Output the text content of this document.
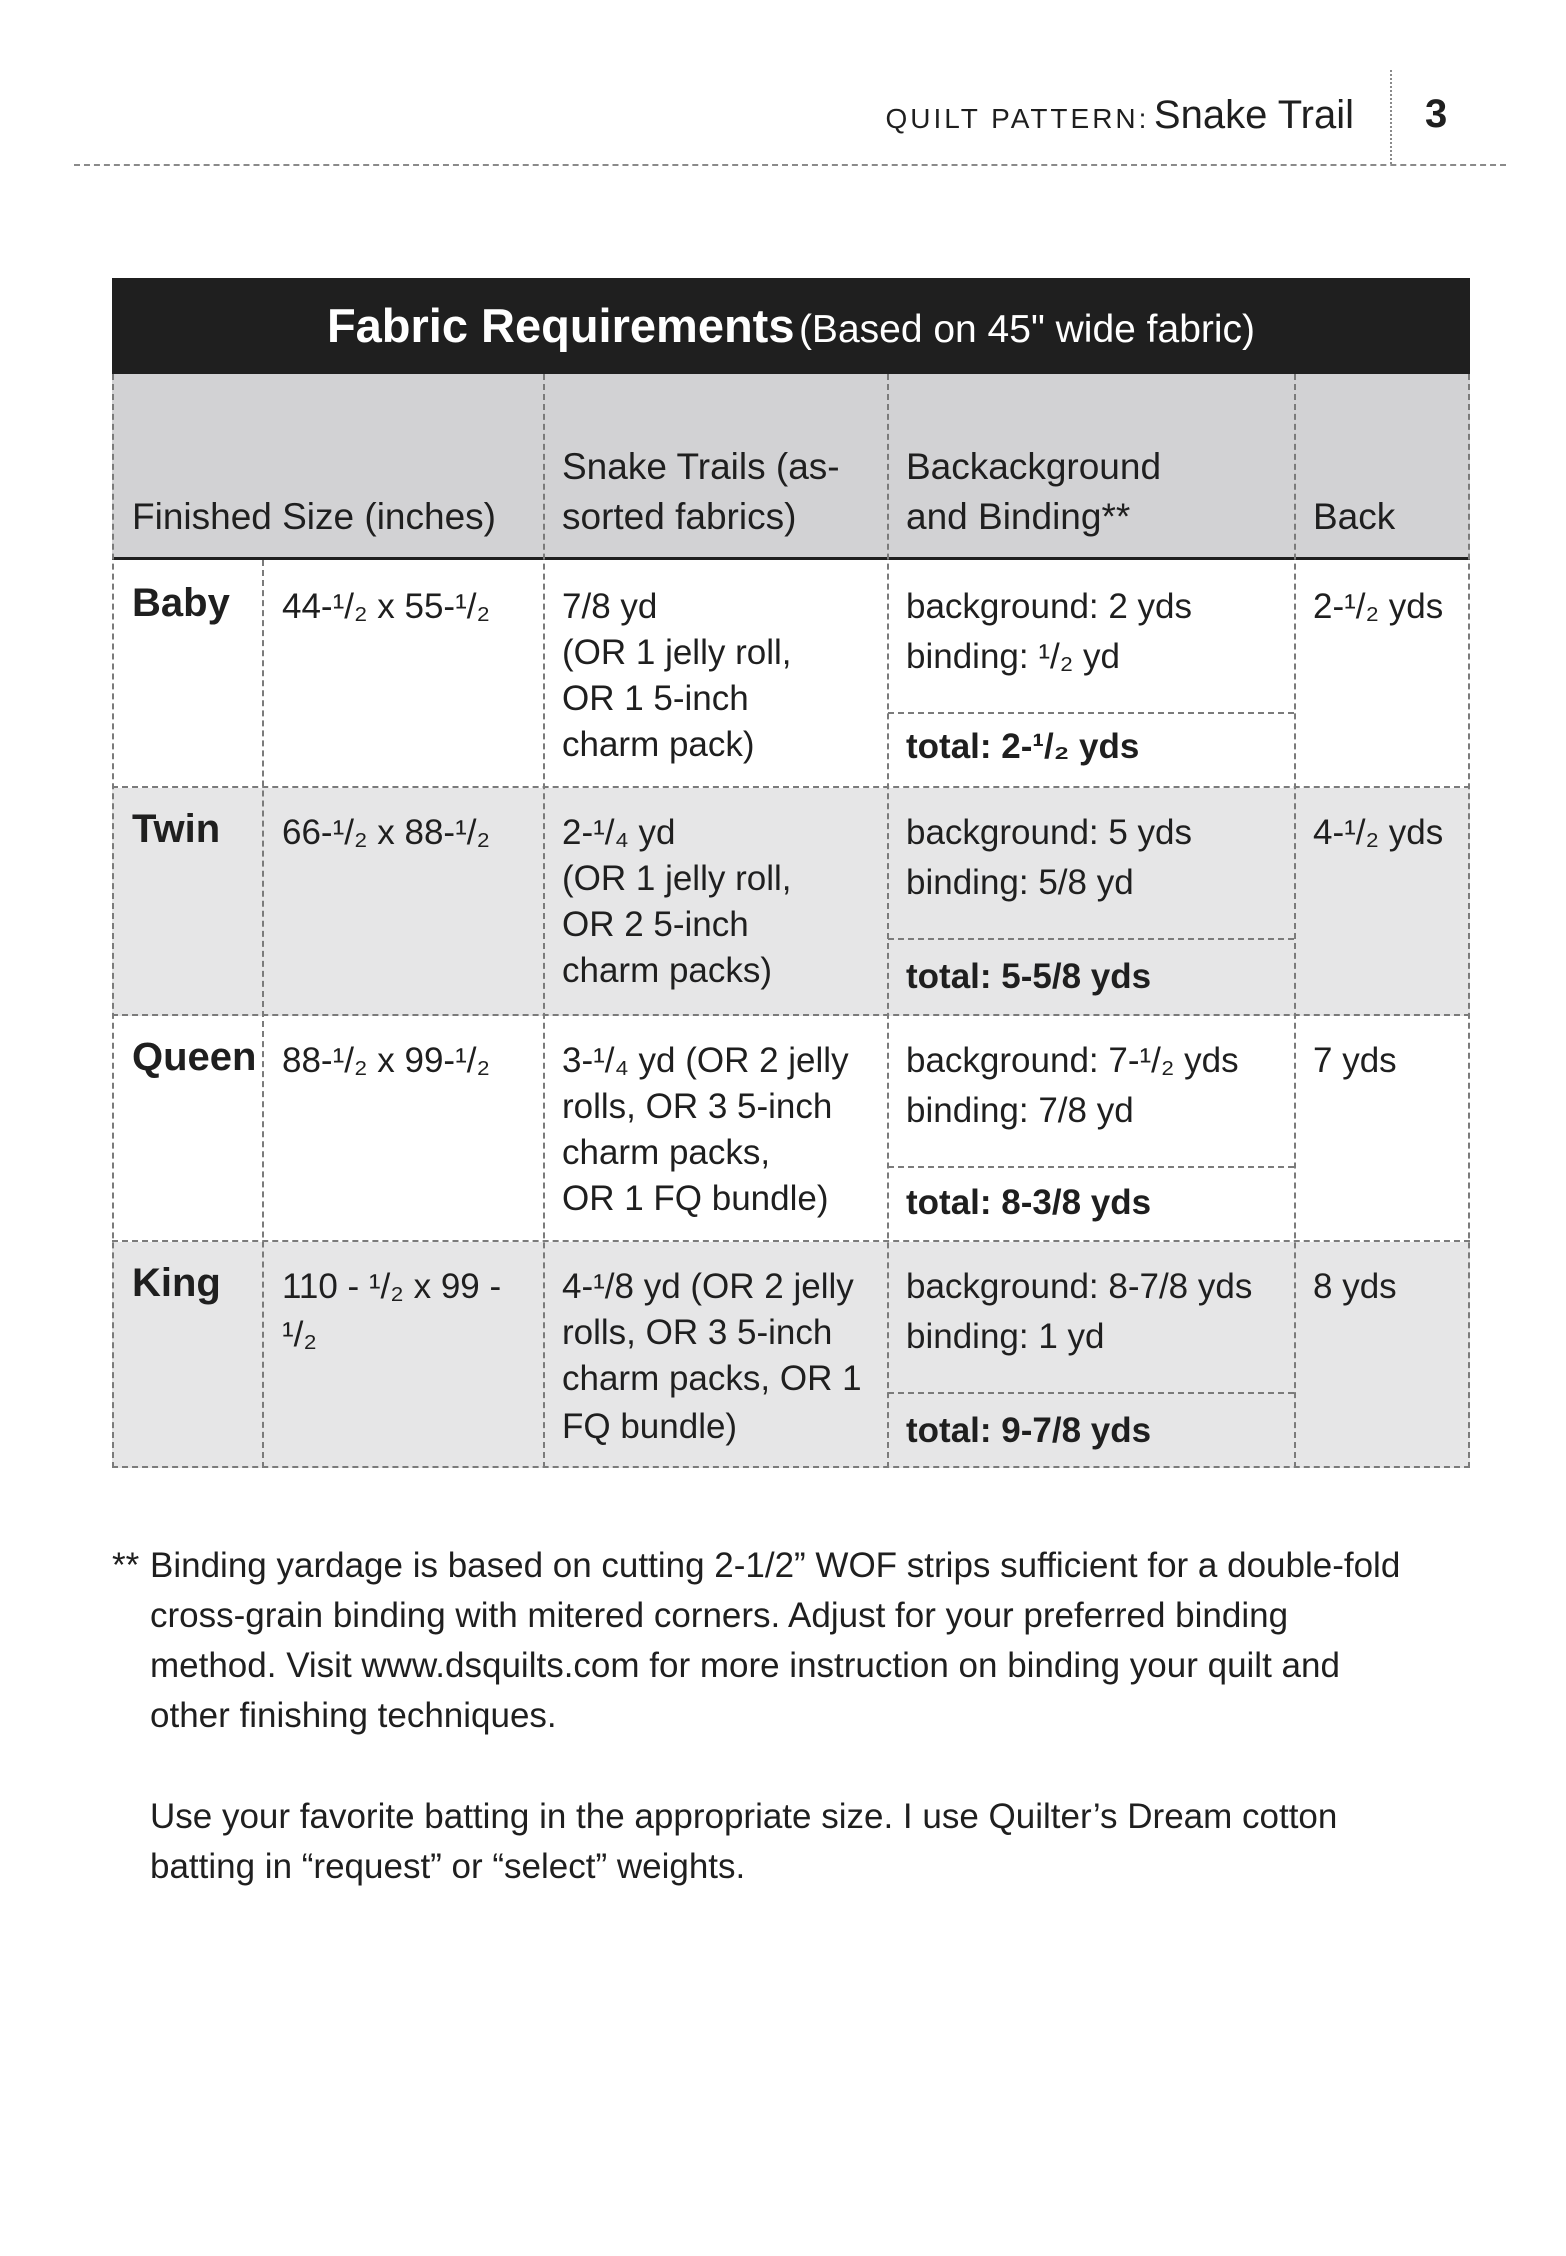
QUILT PATTERN: Snake Trail 3
Fabric Requirements (Based on 45" wide fabric)
Finished Size (inches)
Snake Trails (as-
sorted fabrics)
Backackground
and Binding**	Back
Baby 44-¹/₂ x 55-¹/₂ 7/8 yd
(OR 1 jelly roll,
OR 1 5-inch
charm pack)
background: 2 yds
binding: ¹/₂ yd
total: 2-¹/₂ yds
2-¹/₂ yds
Twin 66-¹/₂ x 88-¹/₂ 2-¹/₄ yd
(OR 1 jelly roll,
OR 2 5-inch
charm packs)
background: 5 yds
binding: 5/8 yd
total: 5-5/8 yds
4-¹/₂ yds
Queen 88-¹/₂ x 99-¹/₂ 3-¹/₄ yd (OR 2 jelly
rolls, OR 3 5-inch
charm packs,
OR 1 FQ bundle)
background: 7-¹/₂ yds
binding: 7/8 yd
total: 8-3/8 yds
7 yds
King 110 - ¹/₂ x 99 -
¹/₂
4-¹/8 yd (OR 2 jelly
rolls, OR 3 5-inch
charm packs, OR 1
FQ bundle)
background: 8-7/8 yds
binding: 1 yd
total: 9-7/8 yds
8 yds
** Binding yardage is based on cutting 2-1/2” WOF strips sufficient for a double-fold
cross-grain binding with mitered corners. Adjust for your preferred binding
method. Visit www.dsquilts.com for more instruction on binding your quilt and
other finishing techniques.
Use your favorite batting in the appropriate size. I use Quilter’s Dream cotton
batting in “request” or “select” weights.
